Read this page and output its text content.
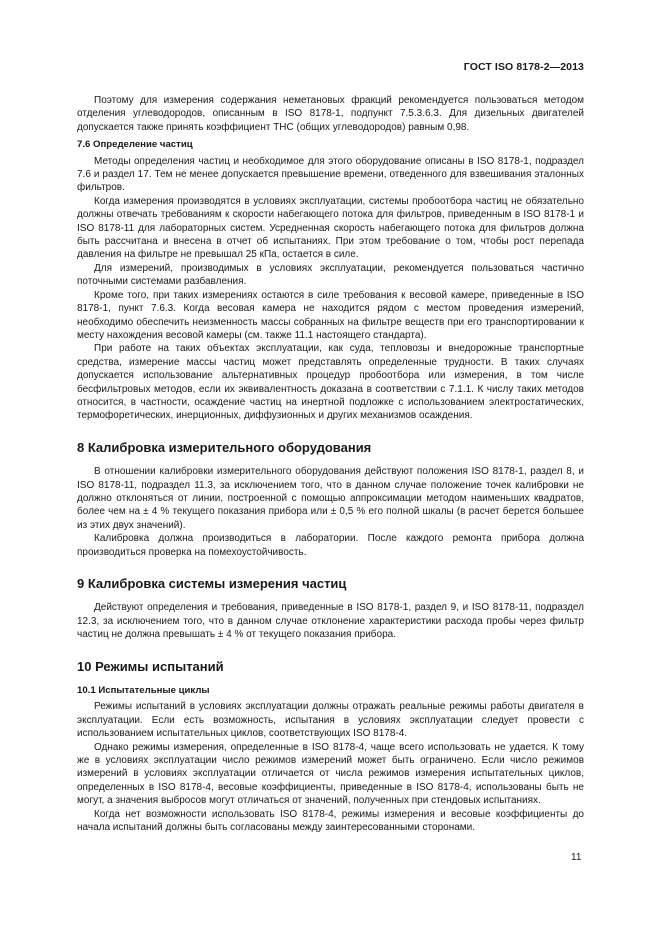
ГОСТ ISO 8178-2—2013

Поэтому для измерения содержания неметановых фракций рекомендуется пользоваться методом отделения углеводородов, описанным в ISO 8178-1, подпункт 7.5.3.6.3. Для дизельных двигателей допускается также принять коэффициент THC (общих углеводородов) равным 0,98.

7.6 Определение частиц

Методы определения частиц и необходимое для этого оборудование описаны в ISO 8178-1, подраздел 7.6 и раздел 17. Тем не менее допускается превышение времени, отведенного для взвешивания эталонных фильтров.

Когда измерения производятся в условиях эксплуатации, системы пробоотбора частиц не обязательно должны отвечать требованиям к скорости набегающего потока для фильтров, приведенным в ISO 8178-1 и ISO 8178-11 для лабораторных систем. Усредненная скорость набегающего потока для фильтров должна быть рассчитана и внесена в отчет об испытаниях. При этом требование о том, чтобы рост перепада давления на фильтре не превышал 25 кПа, остается в силе.

Для измерений, производимых в условиях эксплуатации, рекомендуется пользоваться частично поточными системами разбавления.

Кроме того, при таких измерениях остаются в силе требования к весовой камере, приведенные в ISO 8178-1, пункт 7.6.3. Когда весовая камера не находится рядом с местом проведения измерений, необходимо обеспечить неизменность массы собранных на фильтре веществ при его транспортировании к месту нахождения весовой камеры (см. также 11.1 настоящего стандарта).

При работе на таких объектах эксплуатации, как суда, тепловозы и внедорожные транспортные средства, измерение массы частиц может представлять определенные трудности. В таких случаях допускается использование альтернативных процедур пробоотбора или измерения, в том числе бесфильтровых методов, если их эквивалентность доказана в соответствии с 7.1.1. К числу таких методов относится, в частности, осаждение частиц на инертной подложке с использованием электростатических, термофоретических, инерционных, диффузионных и других механизмов осаждения.

8 Калибровка измерительного оборудования

В отношении калибровки измерительного оборудования действуют положения ISO 8178-1, раздел 8, и ISO 8178-11, подраздел 11.3, за исключением того, что в данном случае положение точек калибровки не должно отклоняться от линии, построенной с помощью аппроксимации методом наименьших квадратов, более чем на ± 4 % текущего показания прибора или ± 0,5 % его полной шкалы (в расчет берется большее из этих двух значений).

Калибровка должна производиться в лаборатории. После каждого ремонта прибора должна производиться проверка на помехоустойчивость.

9 Калибровка системы измерения частиц

Действуют определения и требования, приведенные в ISO 8178-1, раздел 9, и ISO 8178-11, подраздел 12.3, за исключением того, что в данном случае отклонение характеристики расхода пробы через фильтр частиц не должна превышать ± 4 % от текущего показания прибора.

10 Режимы испытаний
10.1 Испытательные циклы

Режимы испытаний в условиях эксплуатации должны отражать реальные режимы работы двигателя в эксплуатации. Если есть возможность, испытания в условиях эксплуатации следует провести с использованием испытательных циклов, соответствующих ISO 8178-4.

Однако режимы измерения, определенные в ISO 8178-4, чаще всего использовать не удается. К тому же в условиях эксплуатации число режимов измерений может быть ограничено. Если число режимов измерений в условиях эксплуатации отличается от числа режимов измерения испытательных циклов, определенных в ISO 8178-4, весовые коэффициенты, приведенные в ISO 8178-4, использованы быть не могут, а значения выбросов могут отличаться от значений, полученных при стендовых испытаниях.

Когда нет возможности использовать ISO 8178-4, режимы измерения и весовые коэффициенты до начала испытаний должны быть согласованы между заинтересованными сторонами.

11
